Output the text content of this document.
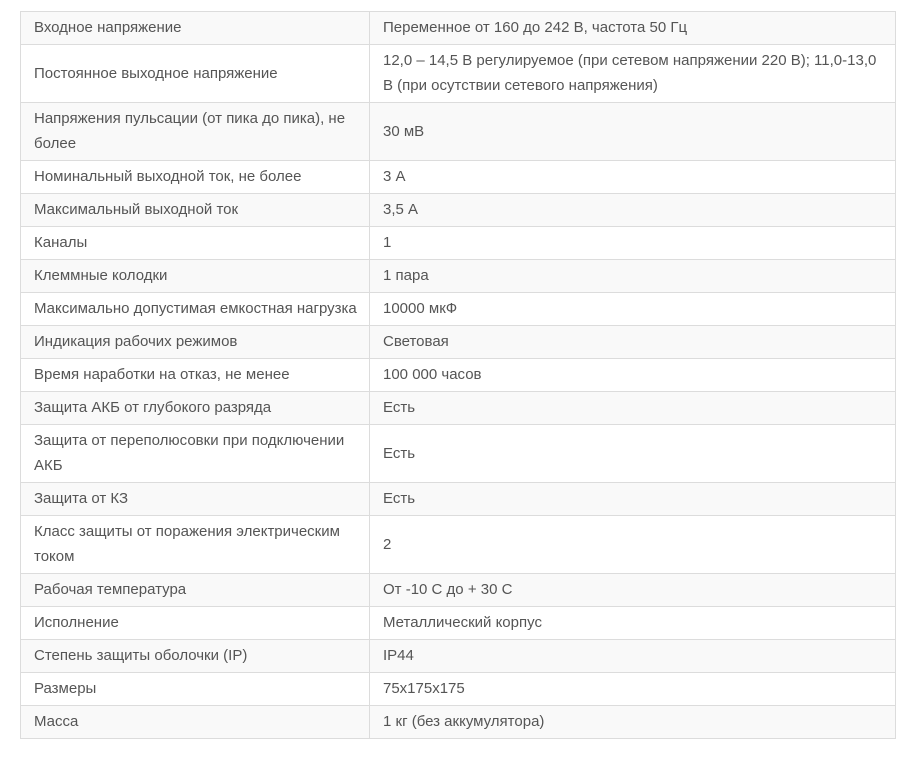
Входное напряжение	Переменное от 160 до 242 В, частота 50 Гц
Постоянное выходное напряжение	12,0 – 14,5 В регулируемое (при сетевом напряжении 220 В); 11,0-13,0 В (при осутствии сетевого напряжения)
Напряжения пульсации (от пика до пика), не более	30 мВ
Номинальный выходной ток, не более	3 А
Максимальный выходной ток	3,5 А
Каналы	1
Клеммные колодки	1 пара
Максимально допустимая емкостная нагрузка	10000 мкФ
Индикация рабочих режимов	Световая
Время наработки на отказ, не менее	100 000 часов
Защита АКБ от глубокого разряда	Есть
Защита от переполюсовки при подключении АКБ	Есть
Защита от КЗ	Есть
Класс защиты от поражения электрическим током	2
Рабочая температура	От -10 С до + 30 С
Исполнение	Металлический корпус
Степень защиты оболочки (IP)	IP44
Размеры	75х175х175
Масса	1 кг (без аккумулятора)
